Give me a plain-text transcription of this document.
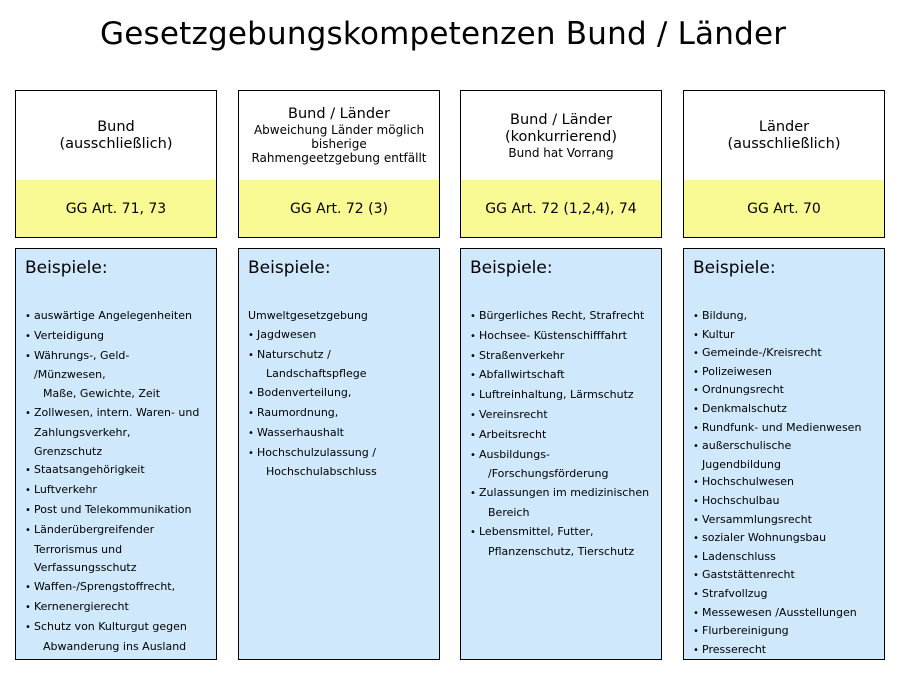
Gesetzgebungskompetenzen Bund / Länder
Bund
(ausschließlich)
GG Art. 71, 73
Beispiele:
• auswärtige Angelegenheiten
• Verteidigung
• Währungs-, Geld-
/Münzwesen,
Maße, Gewichte, Zeit
• Zollwesen, intern. Waren- und
Zahlungsverkehr,
Grenzschutz
• Staatsangehörigkeit
• Luftverkehr
• Post und Telekommunikation
• Länderübergreifender
Terrorismus und
Verfassungsschutz
• Waffen-/Sprengstoffrecht,
• Kernenergierecht
• Schutz von Kulturgut gegen
Abwanderung ins Ausland
Bund / Länder
Abweichung Länder möglich
bisherige
Rahmengeetzgebung entfällt
GG Art. 72 (3)
Beispiele:
Umweltgesetzgebung
• Jagdwesen
• Naturschutz /
Landschaftspflege
• Bodenverteilung,
• Raumordnung,
• Wasserhaushalt
• Hochschulzulassung /
Hochschulabschluss
Bund / Länder
(konkurrierend)
Bund hat Vorrang
GG Art. 72 (1,2,4), 74
Beispiele:
• Bürgerliches Recht, Strafrecht
• Hochsee- Küstenschifffahrt
• Straßenverkehr
• Abfallwirtschaft
• Luftreinhaltung, Lärmschutz
• Vereinsrecht
• Arbeitsrecht
• Ausbildungs-
/Forschungsförderung
• Zulassungen im medizinischen
Bereich
• Lebensmittel, Futter,
Pflanzenschutz, Tierschutz
Länder
(ausschließlich)
GG Art. 70
Beispiele:
• Bildung,
• Kultur
• Gemeinde-/Kreisrecht
• Polizeiwesen
• Ordnungsrecht
• Denkmalschutz
• Rundfunk- und Medienwesen
• außerschulische
Jugendbildung
• Hochschulwesen
• Hochschulbau
• Versammlungsrecht
• sozialer Wohnungsbau
• Ladenschluss
• Gaststättenrecht
• Strafvollzug
• Messewesen /Ausstellungen
• Flurbereinigung
• Presserecht
